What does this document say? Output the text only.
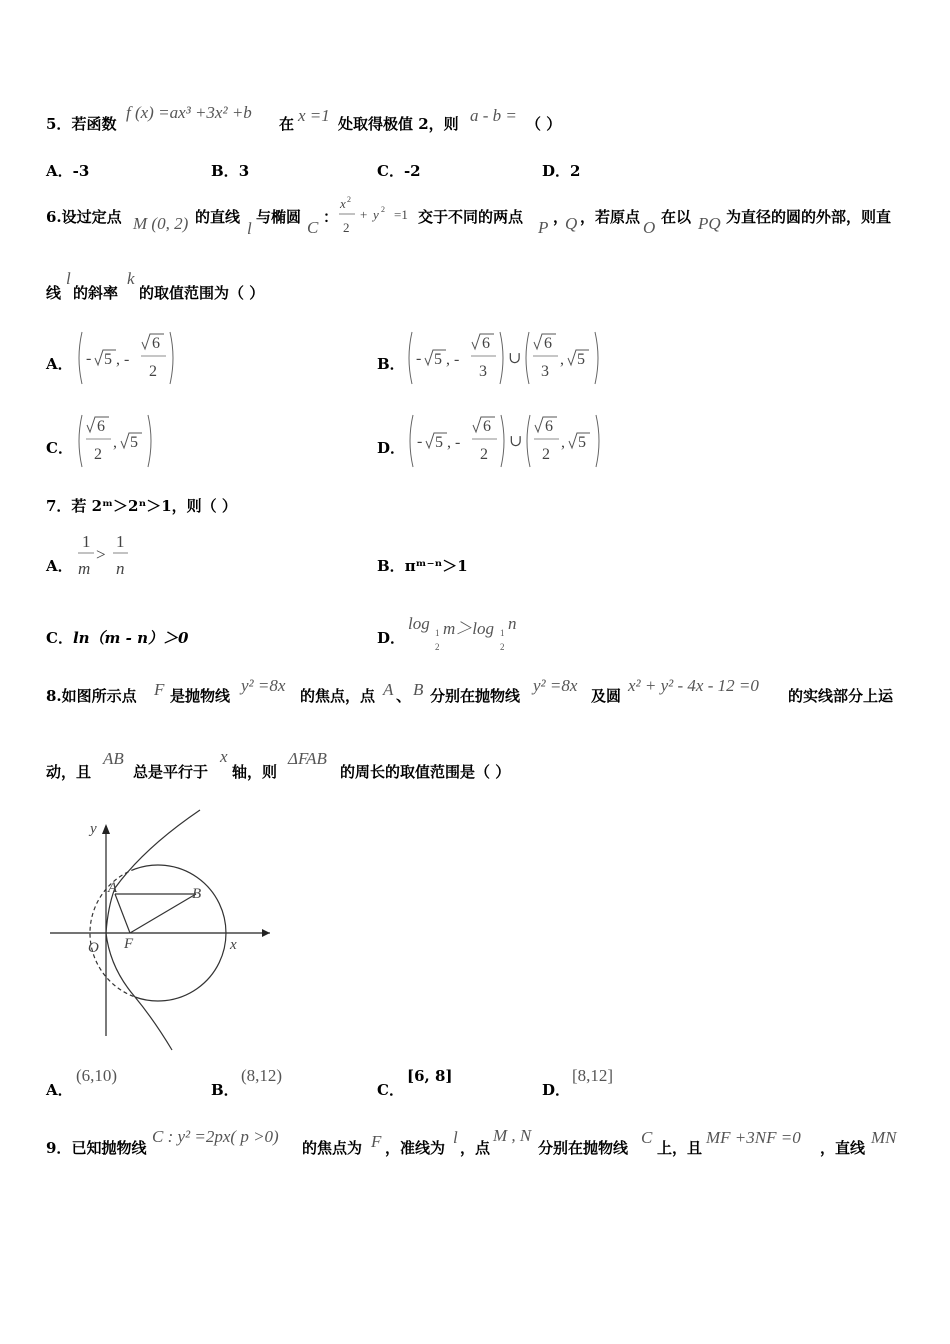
5．若函数
f (x) =ax³ +3x² +b
在 x =1 处取得极值 2，则 a - b = （ ）
A．-3	B．3	C．-2	D．2
6.设过定点 M (0, 2) 的直线
l
与椭圆
C
：
x 2
2
+ y 2 =1 交于不同的两点
P
，
Q ，若原点
O
在以 PQ 为直径的圆的外部，则直
线
l
的斜率
k
的取值范围为（ ）
A． - 5 , -
6
2	B． - 5 , -
6
3
∪
6
3
, 5
C．
6
2
, 5	D． - 5 , -
6
2
∪
6
2
, 5
7．若 2ᵐ＞2ⁿ＞1，则（ ）
A．
1
m
>
1
n	B．πᵐ⁻ⁿ＞1
C．ln（m - n）＞0	D．
log 1
2
m＞log 1
2
n
8.如图所示点 F 是抛物线
y² =8x
的焦点，点 A 、 B 分别在抛物线
y² =8x
及圆
x² + y² - 4x - 12 =0
的实线部分上运
动，且
AB
总是平行于
x
轴，则
ΔFAB
的周长的取值范围是（ ）
y
x
O F
A	B
A．
(6,10)
B．
(8,12)
C．
[6, 8]
D．
[8,12]
9．已知抛物线
C : y² =2px( p >0)
的焦点为 F ，准线为
l
，点
M , N
分别在抛物线
C
上，且
MF +3NF =0
，直线
MN
